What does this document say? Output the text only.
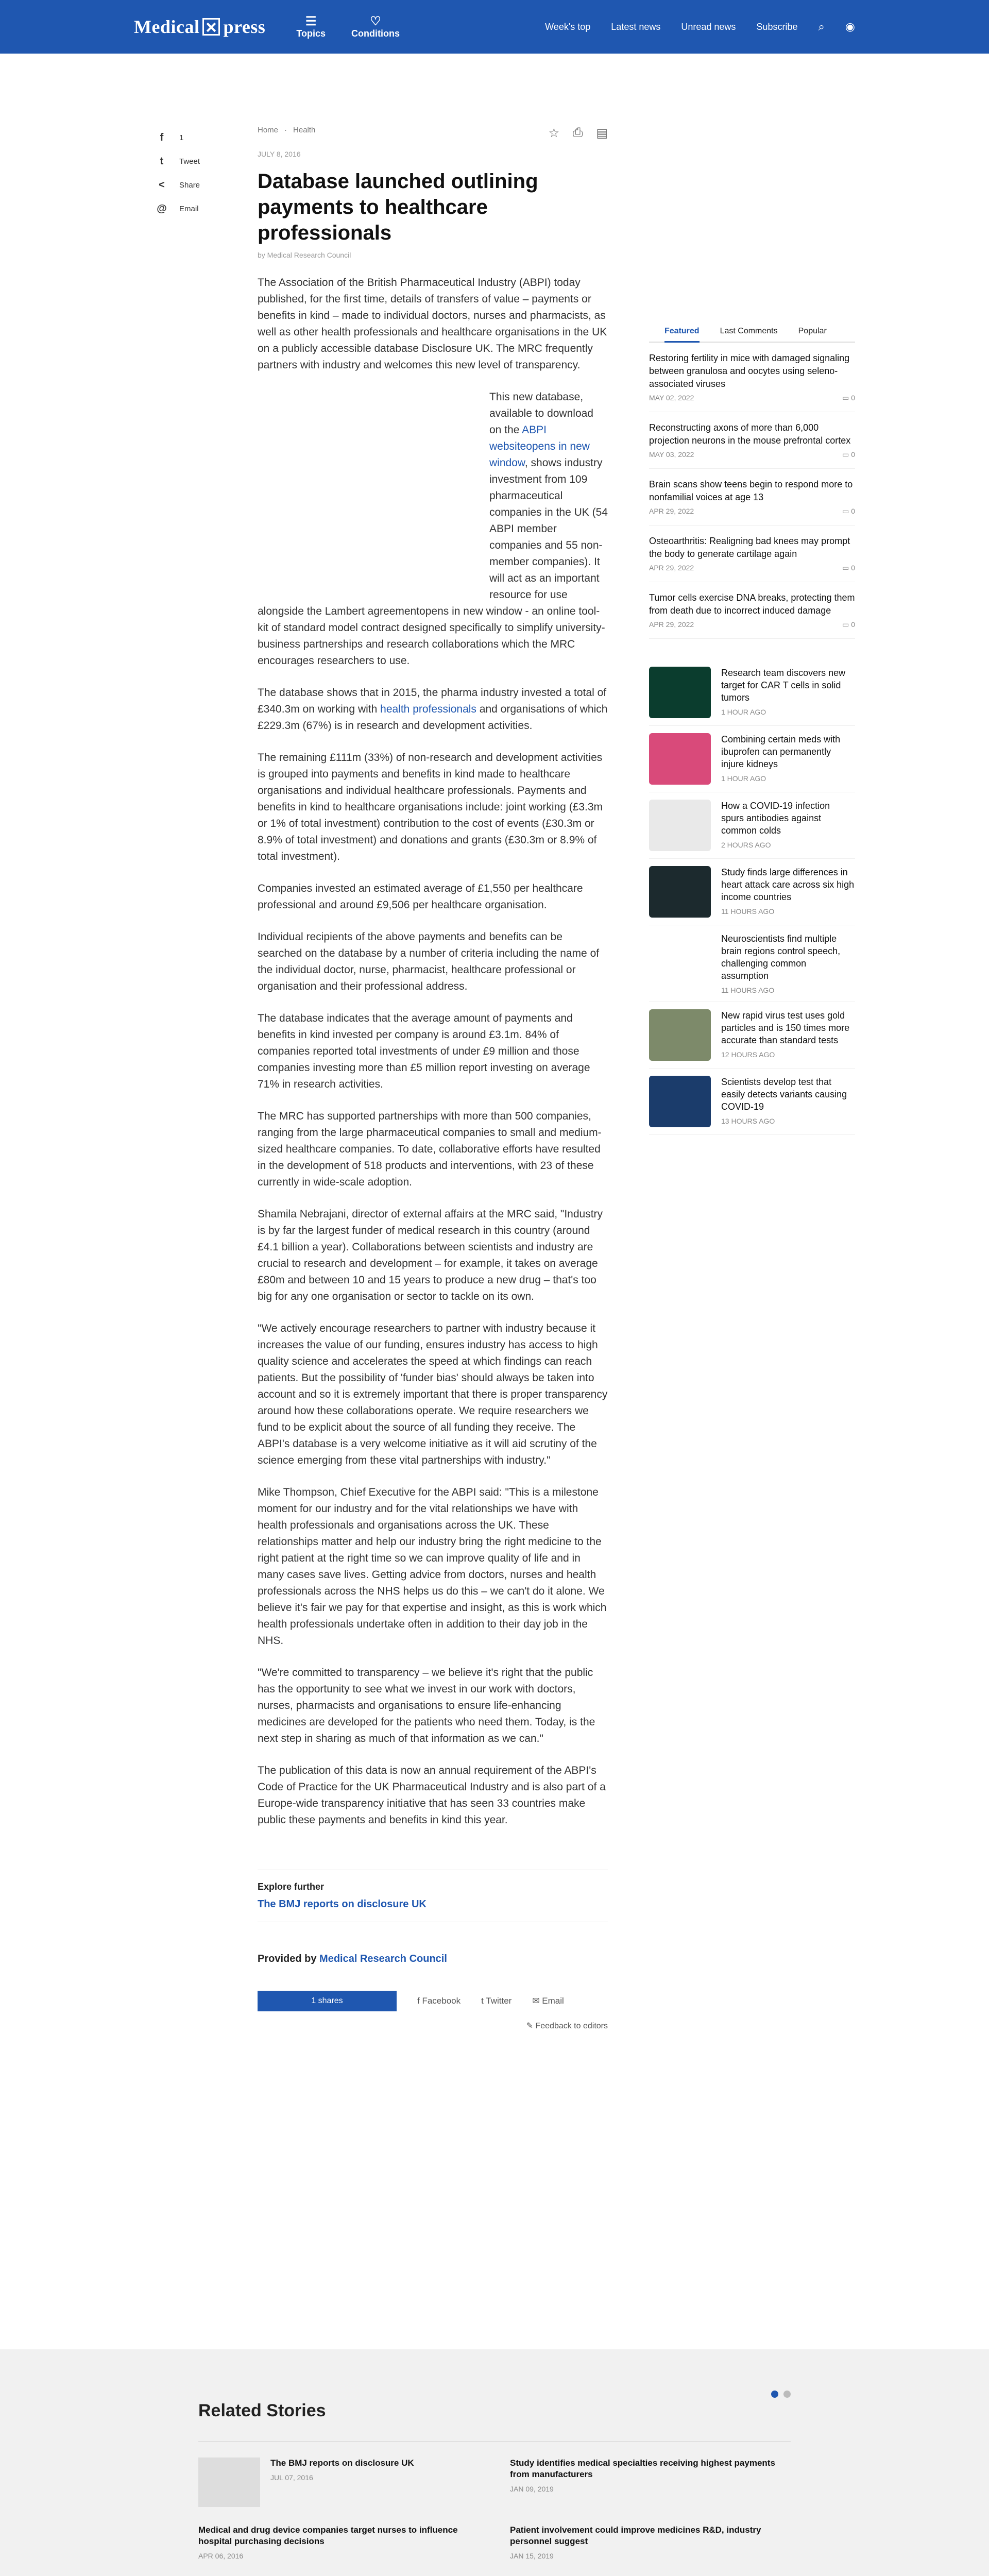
Medical press	☰
Topics
♡
Conditions
Week's top Latest news Unread news Subscribe ⌕ ◉
f	1
t	Tweet
<	Share
@ Email
Home · Health	☆ ⎙ ▤
JULY 8, 2016
Database launched outlining payments to healthcare professionals
by Medical Research Council

The Association of the British Pharmaceutical Industry (ABPI) today published, for the first time, details of transfers of value – payments or benefits in kind – made to individual doctors, nurses and pharmacists, as well as other health professionals and healthcare organisations in the UK on a publicly accessible database Disclosure UK. The MRC frequently partners with industry and welcomes this new level of transparency.

This new database, available to download on the ABPI websiteopens in new window, shows industry investment from 109 pharmaceutical companies in the UK (54 ABPI member companies and 55 non-member companies). It will act as an important resource for use alongside the Lambert agreementopens in new window - an online tool-kit of standard model contract designed specifically to simplify university-business partnerships and research collaborations which the MRC encourages researchers to use.

The database shows that in 2015, the pharma industry invested a total of £340.3m on working with health professionals and organisations of which £229.3m (67%) is in research and development activities.

The remaining £111m (33%) of non-research and development activities is grouped into payments and benefits in kind made to healthcare organisations and individual healthcare professionals. Payments and benefits in kind to healthcare organisations include: joint working (£3.3m or 1% of total investment) contribution to the cost of events (£30.3m or 8.9% of total investment) and donations and grants (£30.3m or 8.9% of total investment).

Companies invested an estimated average of £1,550 per healthcare professional and around £9,506 per healthcare organisation.

Individual recipients of the above payments and benefits can be searched on the database by a number of criteria including the name of the individual doctor, nurse, pharmacist, healthcare professional or organisation and their professional address.

The database indicates that the average amount of payments and benefits in kind invested per company is around £3.1m. 84% of companies reported total investments of under £9 million and those companies investing more than £5 million report investing on average 71% in research activities.

The MRC has supported partnerships with more than 500 companies, ranging from the large pharmaceutical companies to small and medium-sized healthcare companies. To date, collaborative efforts have resulted in the development of 518 products and interventions, with 23 of these currently in wide-scale adoption.

Shamila Nebrajani, director of external affairs at the MRC said, "Industry is by far the largest funder of medical research in this country (around £4.1 billion a year). Collaborations between scientists and industry are crucial to research and development – for example, it takes on average £80m and between 10 and 15 years to produce a new drug – that's too big for any one organisation or sector to tackle on its own.

"We actively encourage researchers to partner with industry because it increases the value of our funding, ensures industry has access to high quality science and accelerates the speed at which findings can reach patients. But the possibility of 'funder bias' should always be taken into account and so it is extremely important that there is proper transparency around how these collaborations operate. We require researchers we fund to be explicit about the source of all funding they receive. The ABPI's database is a very welcome initiative as it will aid scrutiny of the science emerging from these vital partnerships with industry."

Mike Thompson, Chief Executive for the ABPI said: "This is a milestone moment for our industry and for the vital relationships we have with health professionals and organisations across the UK. These relationships matter and help our industry bring the right medicine to the right patient at the right time so we can improve quality of life and in many cases save lives. Getting advice from doctors, nurses and health professionals across the NHS helps us do this – we can't do it alone. We believe it's fair we pay for that expertise and insight, as this is work which health professionals undertake often in addition to their day job in the NHS.

"We're committed to transparency – we believe it's right that the public has the opportunity to see what we invest in our work with doctors, nurses, pharmacists and organisations to ensure life-enhancing medicines are developed for the patients who need them. Today, is the next step in sharing as much of that information as we can."

The publication of this data is now an annual requirement of the ABPI's Code of Practice for the UK Pharmaceutical Industry and is also part of a Europe-wide transparency initiative that has seen 33 countries make public these payments and benefits in kind this year.

Explore further
The BMJ reports on disclosure UK
Provided by Medical Research Council
1 shares	f Facebook t Twitter ✉ Email
✎ Feedback to editors
Featured	Last Comments	Popular
Restoring fertility in mice with damaged signaling between granulosa and oocytes using seleno-associated viruses
MAY 02, 2022	▭ 0
Reconstructing axons of more than 6,000 projection neurons in the mouse prefrontal cortex
MAY 03, 2022	▭ 0
Brain scans show teens begin to respond more to nonfamilial voices at age 13
APR 29, 2022	▭ 0
Osteoarthritis: Realigning bad knees may prompt the body to generate cartilage again
APR 29, 2022	▭ 0
Tumor cells exercise DNA breaks, protecting them from death due to incorrect induced damage
APR 29, 2022	▭ 0
Research team discovers new target for CAR T cells in solid tumors
1 HOUR AGO
Combining certain meds with ibuprofen can permanently injure kidneys
1 HOUR AGO
How a COVID-19 infection spurs antibodies against common colds
2 HOURS AGO
Study finds large differences in heart attack care across six high income countries
11 HOURS AGO
Neuroscientists find multiple brain regions control speech, challenging common assumption
11 HOURS AGO
New rapid virus test uses gold particles and is 150 times more accurate than standard tests
12 HOURS AGO
Scientists develop test that easily detects variants causing COVID-19
13 HOURS AGO
Related Stories
The BMJ reports on disclosure UK
JUL 07, 2016
Study identifies medical specialties receiving highest payments from manufacturers
JAN 09, 2019
Medical and drug device companies target nurses to influence hospital purchasing decisions
APR 06, 2016
Patient involvement could improve medicines R&D, industry personnel suggest
JAN 15, 2019
